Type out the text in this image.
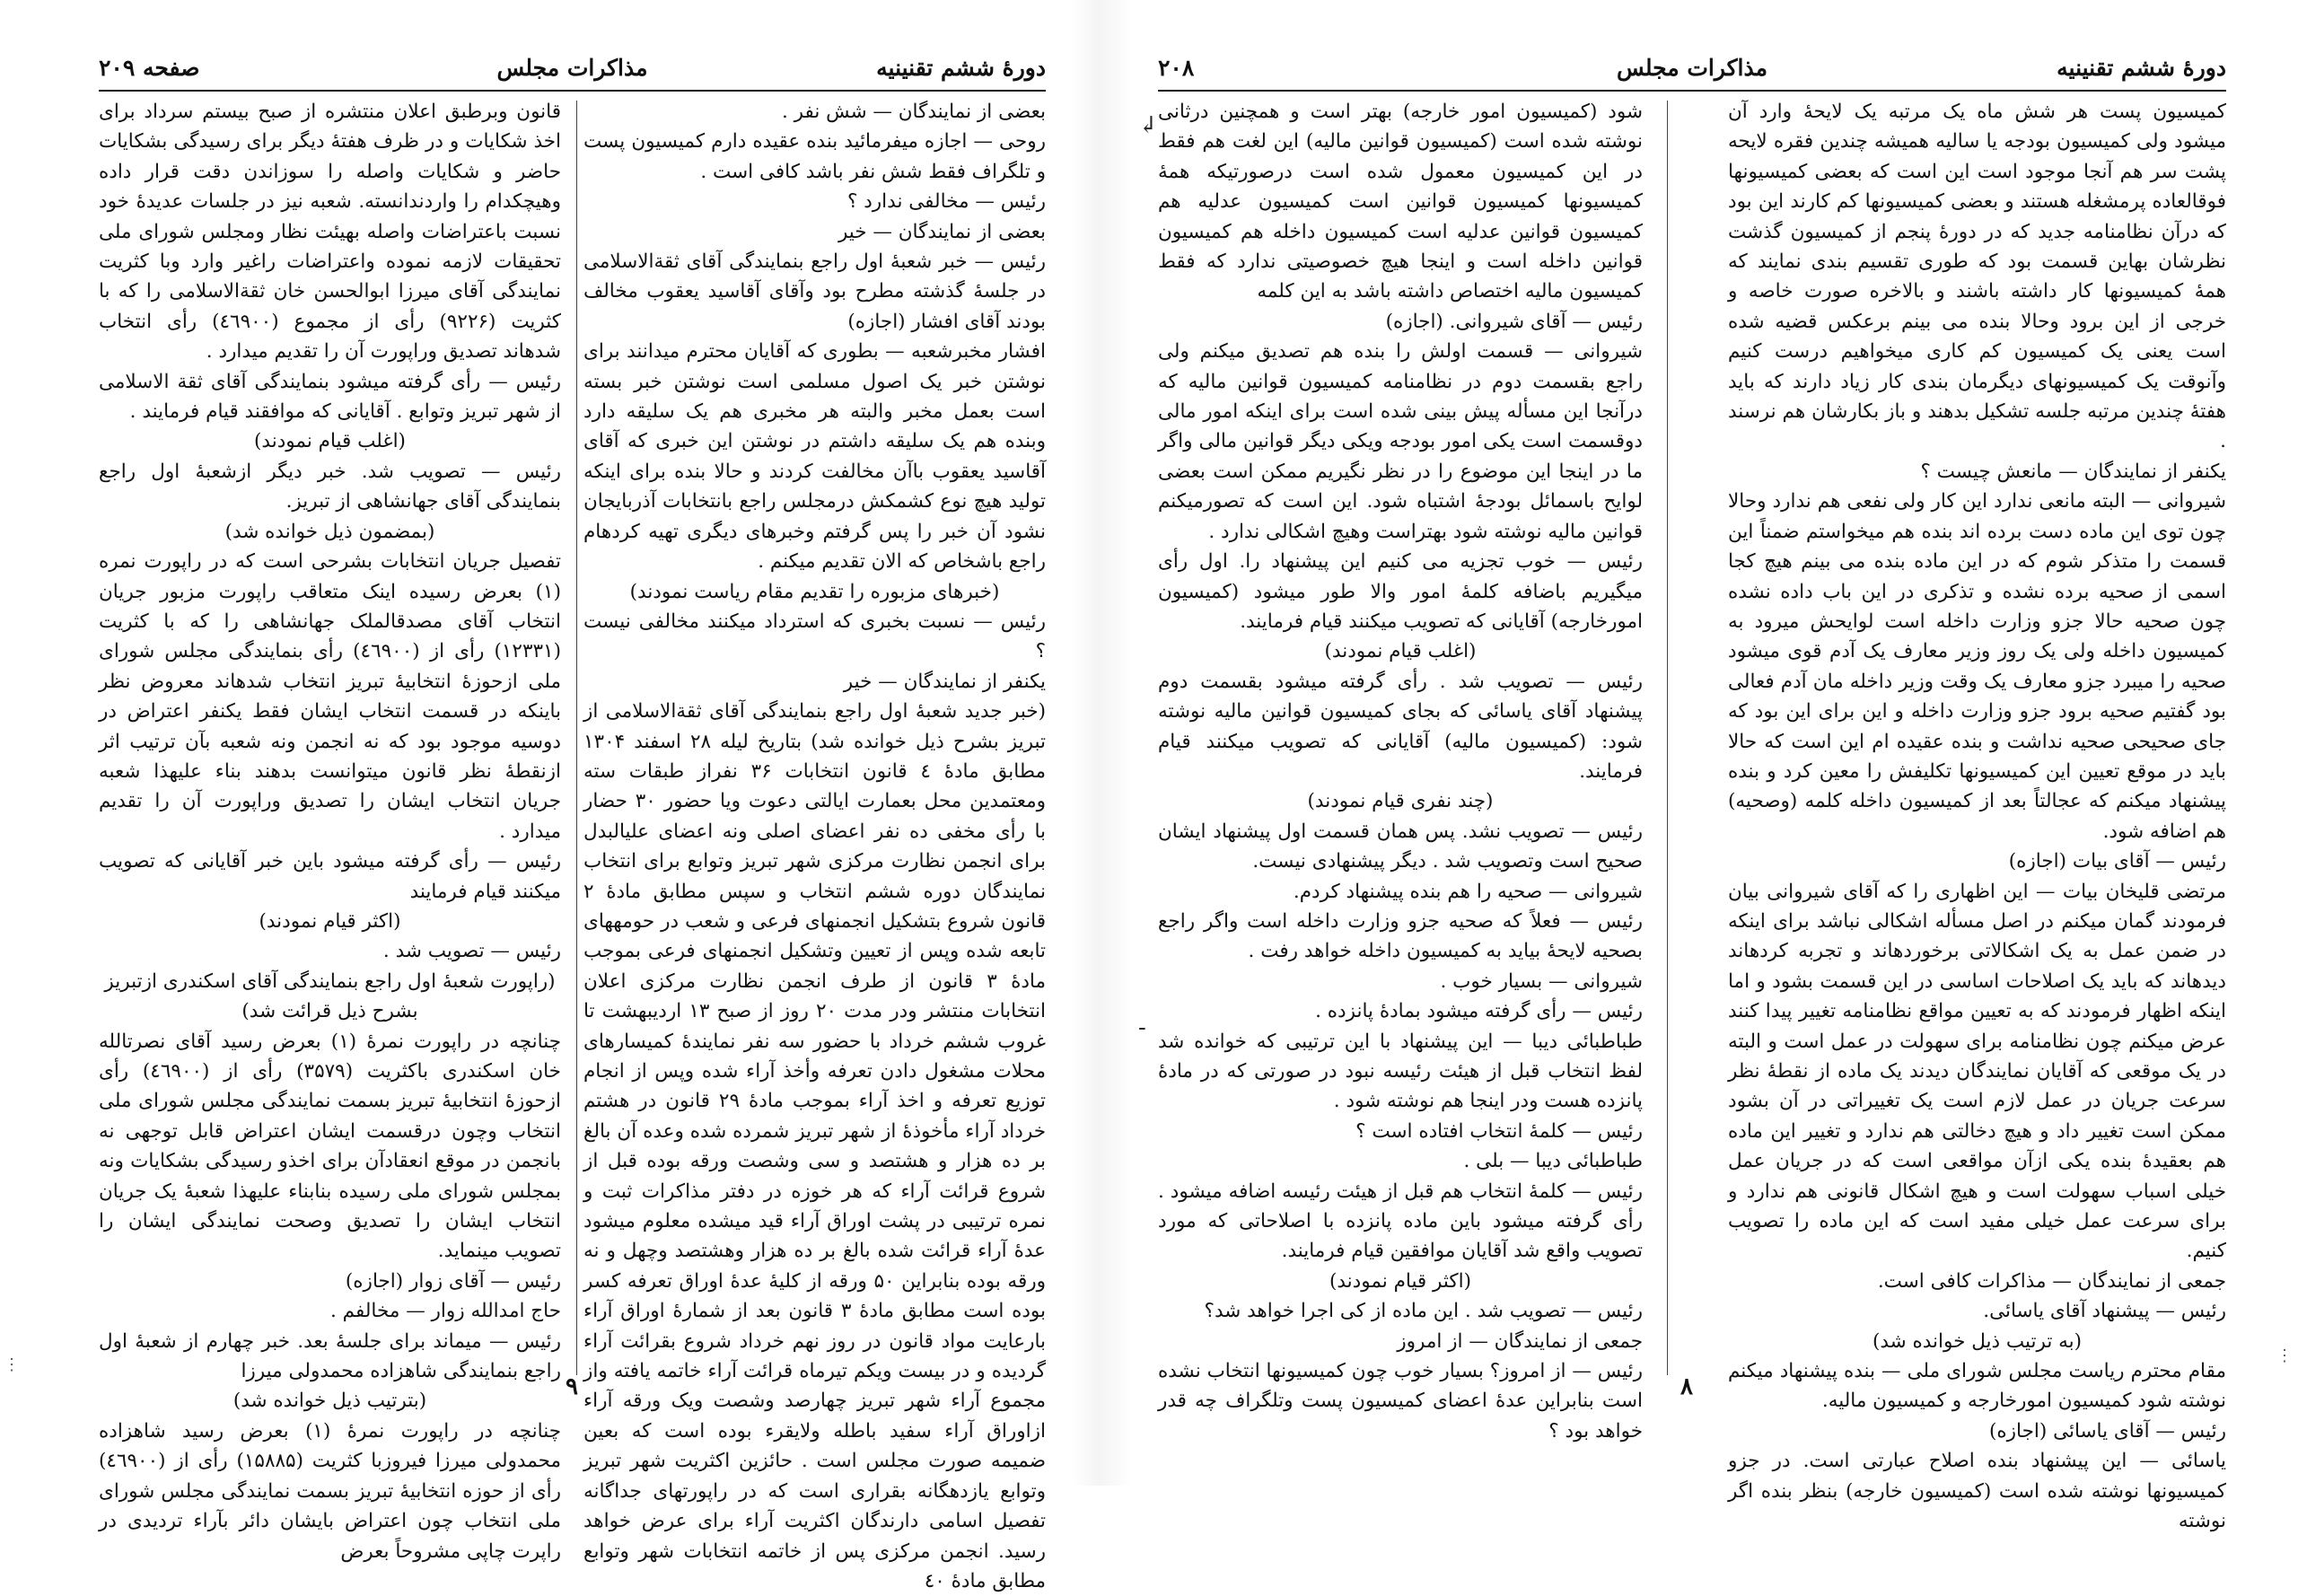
دورهٔ ششم تقنینیه
مذاکرات مجلس
صفحه ۲۰۹

بعضی از نمایندگان — شش نفر .

روحی — اجازه میفرمائید بنده عقیده دارم کمیسیون پست و تلگراف فقط شش نفر باشد کافی است .

رئیس — مخالفی ندارد ؟

بعضی از نمایندگان — خیر

رئیس — خبر شعبهٔ اول راجع بنمایندگی آقای ثقةالاسلامی در جلسهٔ گذشته مطرح بود وآقای آقاسید یعقوب مخالف بودند آقای افشار (اجازه)

افشار مخبرشعبه — بطوری که آقایان محترم میدانند برای نوشتن خبر یک اصول مسلمی است نوشتن خبر بسته است بعمل مخبر والبته هر مخبری هم یک سلیقه دارد وبنده هم یک سلیقه داشتم در نوشتن این خبری که آقای آقاسید یعقوب باآن مخالفت کردند و حالا بنده برای اینکه تولید هیچ نوع کشمکش درمجلس راجع بانتخابات آذربایجان نشود آن خبر را پس گرفتم وخبرهای دیگری تهیه کردهام راجع باشخاص که الان تقدیم میکنم .

(خبرهای مزبوره را تقدیم مقام ریاست نمودند)

رئیس — نسبت بخبری که استرداد میکنند مخالفی نیست ؟

یکنفر از نمایندگان — خیر

(خبر جدید شعبهٔ اول راجع بنمایندگی آقای ثقةالاسلامی از تبریز بشرح ذیل خوانده شد) بتاریخ لیله ۲۸ اسفند ۱۳۰۴ مطابق مادهٔ ٤ قانون انتخابات ۳۶ نفراز طبقات سته ومعتمدین محل بعمارت ایالتی دعوت ویا حضور ۳۰ حضار با رأی مخفی ده نفر اعضای اصلی ونه اعضای علیالبدل برای انجمن نظارت مرکزی شهر تبریز وتوابع برای انتخاب نمایندگان دوره ششم انتخاب و سپس مطابق مادهٔ ۲ قانون شروع بتشکیل انجمنهای فرعی و شعب در حومههای تابعه شده وپس از تعیین وتشکیل انجمنهای فرعی بموجب مادهٔ ۳ قانون از طرف انجمن نظارت مرکزی اعلان انتخابات منتشر ودر مدت ۲۰ روز از صبح ۱۳ اردیبهشت تا غروب ششم خرداد با حضور سه نفر نمایندهٔ کمیسارهای محلات مشغول دادن تعرفه وأخذ آراء شده وپس از انجام توزیع تعرفه و اخذ آراء بموجب مادهٔ ۲۹ قانون در هشتم خرداد آراء مأخوذهٔ از شهر تبریز شمرده شده وعده آن بالغ بر ده هزار و هشتصد و سی وشصت ورقه بوده قبل از شروع قرائت آراء که هر خوزه در دفتر مذاکرات ثبت و نمره ترتیبی در پشت اوراق آراء قید میشده معلوم میشود عدهٔ آراء قرائت شده بالغ بر ده هزار وهشتصد وچهل و نه ورقه بوده بنابراین ۵۰ ورقه از کلیهٔ عدهٔ اوراق تعرفه کسر بوده است مطابق مادهٔ ۳ قانون بعد از شمارهٔ اوراق آراء بارعایت مواد قانون در روز نهم خرداد شروع بقرائت آراء گردیده و در بیست ویکم تیرماه قرائت آراء خاتمه یافته واز مجموع آراء شهر تبریز چهارصد وشصت ویک ورقه آراء ازاوراق آراء سفید باطله ولایقرء بوده است که بعین ضمیمه صورت مجلس است . حائزین اکثریت شهر تبریز وتوابع یازدهگانه بقراری است که در راپورتهای جداگانه تفصیل اسامی دارندگان اکثریت آراء برای عرض خواهد رسید. انجمن مرکزی پس از خاتمه انتخابات شهر وتوابع مطابق مادهٔ ٤۰

قانون وبرطبق اعلان منتشره از صبح بیستم سرداد برای اخذ شکایات و در ظرف هفتهٔ دیگر برای رسیدگی بشکایات حاضر و شکایات واصله را سوزاندن دقت قرار داده وهیچکدام را واردندانسته. شعبه نیز در جلسات عدیدهٔ خود نسبت باعتراضات واصله بهیئت نظار ومجلس شورای ملی تحقیقات لازمه نموده واعتراضات راغیر وارد وبا کثریت نمایندگی آقای میرزا ابوالحسن خان ثقةالاسلامی را که با کثریت (۹۲۲۶) رأی از مجموع (٤٦٩٠۰) رأی انتخاب شدهاند تصدیق وراپورت آن را تقدیم میدارد .

رئیس — رأی گرفته میشود بنمایندگی آقای ثقة الاسلامی از شهر تبریز وتوابع . آقایانی که موافقند قیام فرمایند .

(اغلب قیام نمودند)

رئیس — تصویب شد. خبر دیگر ازشعبهٔ اول راجع بنمایندگی آقای جهانشاهی از تبریز.

(بمضمون ذیل خوانده شد)

تفصیل جریان انتخابات بشرحی است که در راپورت نمره (۱) بعرض رسیده اینک متعاقب راپورت مزبور جریان انتخاب آقای مصدقالملک جهانشاهی را که با کثریت (۱۲۳۳۱) رأی از (٤٦٩۰۰) رأی بنمایندگی مجلس شورای ملی ازحوزهٔ انتخابیهٔ تبریز انتخاب شدهاند معروض نظر باینکه در قسمت انتخاب ایشان فقط یکنفر اعتراض در دوسیه موجود بود که نه انجمن ونه شعبه بآن ترتیب اثر ازنقطهٔ نظر قانون میتوانست بدهند بناء علیهذا شعبه جریان انتخاب ایشان را تصدیق وراپورت آن را تقدیم میدارد .

رئیس — رأی گرفته میشود باین خبر آقایانی که تصویب میکنند قیام فرمایند

(اکثر قیام نمودند)

رئیس — تصویب شد .

(راپورت شعبهٔ اول راجع بنمایندگی آقای اسکندری ازتبریز بشرح ذیل قرائت شد)

چنانچه در راپورت نمرهٔ (۱) بعرض رسید آقای نصرتالله خان اسکندری باکثریت (۳۵۷۹) رأی از (٤٦٩۰۰) رأی ازحوزهٔ انتخابیهٔ تبریز بسمت نمایندگی مجلس شورای ملی انتخاب وچون درقسمت ایشان اعتراض قابل توجهی نه بانجمن در موقع انعقادآن برای اخذو رسیدگی بشکایات ونه بمجلس شورای ملی رسیده بنابناء علیهذا شعبهٔ یک جریان انتخاب ایشان را تصدیق وصحت نمایندگی ایشان را تصویب مینماید.

رئیس — آقای زوار (اجازه)

حاج امدالله زوار — مخالفم .

رئیس — میماند برای جلسهٔ بعد. خبر چهارم از شعبهٔ اول راجع بنمایندگی شاهزاده محمدولی میرزا

(بترتیب ذیل خوانده شد)

چنانچه در راپورت نمرهٔ (۱) بعرض رسید شاهزاده محمدولی میرزا فیروزبا کثریت (۱۵۸۸۵) رأی از (٤٦٩۰۰) رأی از حوزه انتخابیهٔ تبریز بسمت نمایندگی مجلس شورای ملی انتخاب چون اعتراض بایشان دائر بآراء تردیدی در راپرت چاپی مشروحاً بعرض

۹
دورهٔ ششم تقنینیه
مذاکرات مجلس
۲۰۸

کمیسیون پست هر شش ماه یک مرتبه یک لایحهٔ وارد آن میشود ولی کمیسیون بودجه یا سالیه همیشه چندین فقره لایحه پشت سر هم آنجا موجود است این است که بعضی کمیسیونها فوقالعاده پرمشغله هستند و بعضی کمیسیونها کم کارند این بود که درآن نظامنامه جدید که در دورهٔ پنجم از کمیسیون گذشت نظرشان بهاین قسمت بود که طوری تقسیم بندی نمایند که همهٔ کمیسیونها کار داشته باشند و بالاخره صورت خاصه و خرجی از این برود وحالا بنده می بینم برعکس قضیه شده است یعنی یک کمیسیون کم کاری میخواهیم درست کنیم وآنوقت یک کمیسیونهای دیگرمان بندی کار زیاد دارند که باید هفتهٔ چندین مرتبه جلسه تشکیل بدهند و باز بکارشان هم نرسند .

یکنفر از نمایندگان — مانعش چیست ؟

شیروانی — البته مانعی ندارد این کار ولی نفعی هم ندارد وحالا چون توی این ماده دست برده اند بنده هم میخواستم ضمناً این قسمت را متذکر شوم که در این ماده بنده می بینم هیچ کجا اسمی از صحیه برده نشده و تذکری در این باب داده نشده چون صحیه حالا جزو وزارت داخله است لوایحش میرود به کمیسیون داخله ولی یک روز وزیر معارف یک آدم قوی میشود صحیه را میبرد جزو معارف یک وقت وزیر داخله مان آدم فعالی بود گفتیم صحیه برود جزو وزارت داخله و این برای این بود که جای صحیحی صحیه نداشت و بنده عقیده ام این است که حالا باید در موقع تعیین این کمیسیونها تکلیفش را معین کرد و بنده پیشنهاد میکنم که عجالتاً بعد از کمیسیون داخله کلمه (وصحیه) هم اضافه شود.

رئیس — آقای بیات (اجازه)

مرتضی قلیخان بیات — این اظهاری را که آقای شیروانی بیان فرمودند گمان میکنم در اصل مسأله اشکالی نباشد برای اینکه در ضمن عمل به یک اشکالاتی برخوردهاند و تجربه کردهاند دیدهاند که باید یک اصلاحات اساسی در این قسمت بشود و اما اینکه اظهار فرمودند که به تعیین مواقع نظامنامه تغییر پیدا کنند عرض میکنم چون نظامنامه برای سهولت در عمل است و البته در یک موقعی که آقایان نمایندگان دیدند یک ماده از نقطهٔ نظر سرعت جریان در عمل لازم است یک تغییراتی در آن بشود ممکن است تغییر داد و هیچ دخالتی هم ندارد و تغییر این ماده هم بعقیدهٔ بنده یکی ازآن مواقعی است که در جریان عمل خیلی اسباب سهولت است و هیچ اشکال قانونی هم ندارد و برای سرعت عمل خیلی مفید است که این ماده را تصویب کنیم.

جمعی از نمایندگان — مذاکرات کافی است.

رئیس — پیشنهاد آقای یاسائی.

(به ترتیب ذیل خوانده شد)

مقام محترم ریاست مجلس شورای ملی — بنده پیشنهاد میکنم نوشته شود کمیسیون امورخارجه و کمیسیون مالیه.

رئیس — آقای یاسائی (اجازه)

یاسائی — این پیشنهاد بنده اصلاح عبارتی است. در جزو کمیسیونها نوشته شده است (کمیسیون خارجه) بنظر بنده اگر نوشته

شود (کمیسیون امور خارجه) بهتر است و همچنین درثانی نوشته شده است (کمیسیون قوانین مالیه) این لغت هم فقط در این کمیسیون معمول شده است درصورتیکه همهٔ کمیسیونها کمیسیون قوانین است کمیسیون عدلیه هم کمیسیون قوانین عدلیه است کمیسیون داخله هم کمیسیون قوانین داخله است و اینجا هیچ خصوصیتی ندارد که فقط کمیسیون مالیه اختصاص داشته باشد به این کلمه

رئیس — آقای شیروانی. (اجازه)

شیروانی — قسمت اولش را بنده هم تصدیق میکنم ولی راجع بقسمت دوم در نظامنامه کمیسیون قوانین مالیه که درآنجا این مسأله پیش بینی شده است برای اینکه امور مالی دوقسمت است یکی امور بودجه ویکی دیگر قوانین مالی واگر ما در اینجا این موضوع را در نظر نگیریم ممکن است بعضی لوایح باسمائل بودجهٔ اشتباه شود. این است که تصورمیکنم قوانین مالیه نوشته شود بهتراست وهیچ اشکالی ندارد .

رئیس — خوب تجزیه می کنیم این پیشنهاد را. اول رأی میگیریم باضافه کلمهٔ امور والا طور میشود (کمیسیون امورخارجه) آقایانی که تصویب میکنند قیام فرمایند.

(اغلب قیام نمودند)

رئیس — تصویب شد . رأی گرفته میشود بقسمت دوم پیشنهاد آقای یاسائی که بجای کمیسیون قوانین مالیه نوشته شود: (کمیسیون مالیه) آقایانی که تصویب میکنند قیام فرمایند.

(چند نفری قیام نمودند)

رئیس — تصویب نشد. پس همان قسمت اول پیشنهاد ایشان صحیح است وتصویب شد . دیگر پیشنهادی نیست.

شیروانی — صحیه را هم بنده پیشنهاد کردم.

رئیس — فعلاً که صحیه جزو وزارت داخله است واگر راجع بصحیه لایحهٔ بیاید به کمیسیون داخله خواهد رفت .

شیروانی — بسیار خوب .

رئیس — رأی گرفته میشود بمادهٔ پانزده .

طباطبائی دیبا — این پیشنهاد با این ترتیبی که خوانده شد لفظ انتخاب قبل از هیئت رئیسه نبود در صورتی که در مادهٔ پانزده هست ودر اینجا هم نوشته شود .

رئیس — کلمهٔ انتخاب افتاده است ؟

طباطبائی دیبا — بلی .

رئیس — کلمهٔ انتخاب هم قبل از هیئت رئیسه اضافه میشود . رأی گرفته میشود باین ماده پانزده با اصلاحاتی که مورد تصویب واقع شد آقایان موافقین قیام فرمایند.

(اکثر قیام نمودند)

رئیس — تصویب شد . این ماده از کی اجرا خواهد شد؟

جمعی از نمایندگان — از امروز

رئیس — از امروز؟ بسیار خوب چون کمیسیونها انتخاب نشده است بنابراین عدهٔ اعضای کمیسیون پست وتلگراف چه قدر خواهد بود ؟

۸
↲
-
⋮	⋮
